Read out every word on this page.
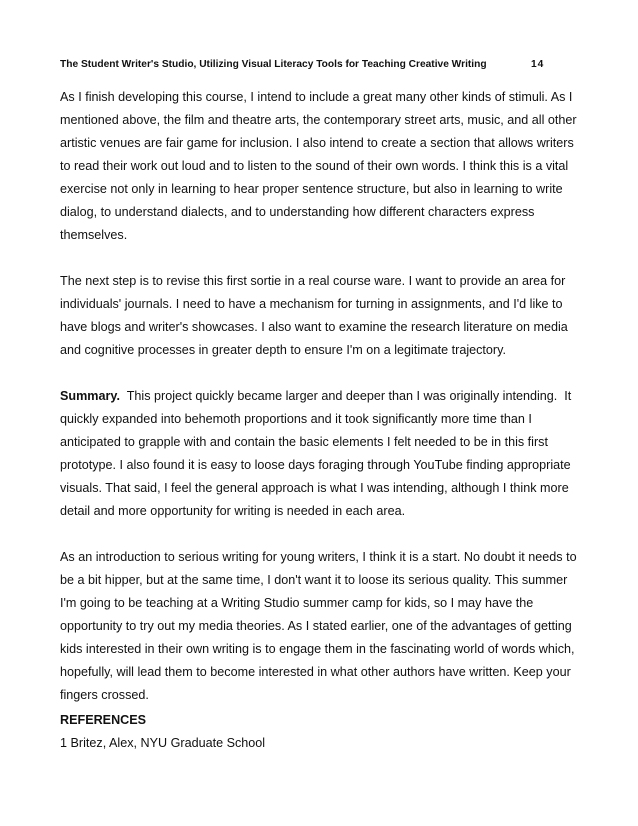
The Student Writer's Studio, Utilizing Visual Literacy Tools for Teaching Creative Writing	14

As I finish developing this course, I intend to include a great many other kinds of stimuli. As I
mentioned above, the film and theatre arts, the contemporary street arts, music, and all other
artistic venues are fair game for inclusion. I also intend to create a section that allows writers
to read their work out loud and to listen to the sound of their own words. I think this is a vital
exercise not only in learning to hear proper sentence structure, but also in learning to write
dialog, to understand dialects, and to understanding how different characters express
themselves.

The next step is to revise this first sortie in a real course ware. I want to provide an area for
individuals' journals. I need to have a mechanism for turning in assignments, and I'd like to
have blogs and writer's showcases. I also want to examine the research literature on media
and cognitive processes in greater depth to ensure I'm on a legitimate trajectory.

Summary.  This project quickly became larger and deeper than I was originally intending.  It
quickly expanded into behemoth proportions and it took significantly more time than I
anticipated to grapple with and contain the basic elements I felt needed to be in this first
prototype. I also found it is easy to loose days foraging through YouTube finding appropriate
visuals. That said, I feel the general approach is what I was intending, although I think more
detail and more opportunity for writing is needed in each area.

As an introduction to serious writing for young writers, I think it is a start. No doubt it needs to
be a bit hipper, but at the same time, I don't want it to loose its serious quality. This summer
I'm going to be teaching at a Writing Studio summer camp for kids, so I may have the
opportunity to try out my media theories. As I stated earlier, one of the advantages of getting
kids interested in their own writing is to engage them in the fascinating world of words which,
hopefully, will lead them to become interested in what other authors have written. Keep your
fingers crossed.

REFERENCES
1 Britez, Alex, NYU Graduate School
